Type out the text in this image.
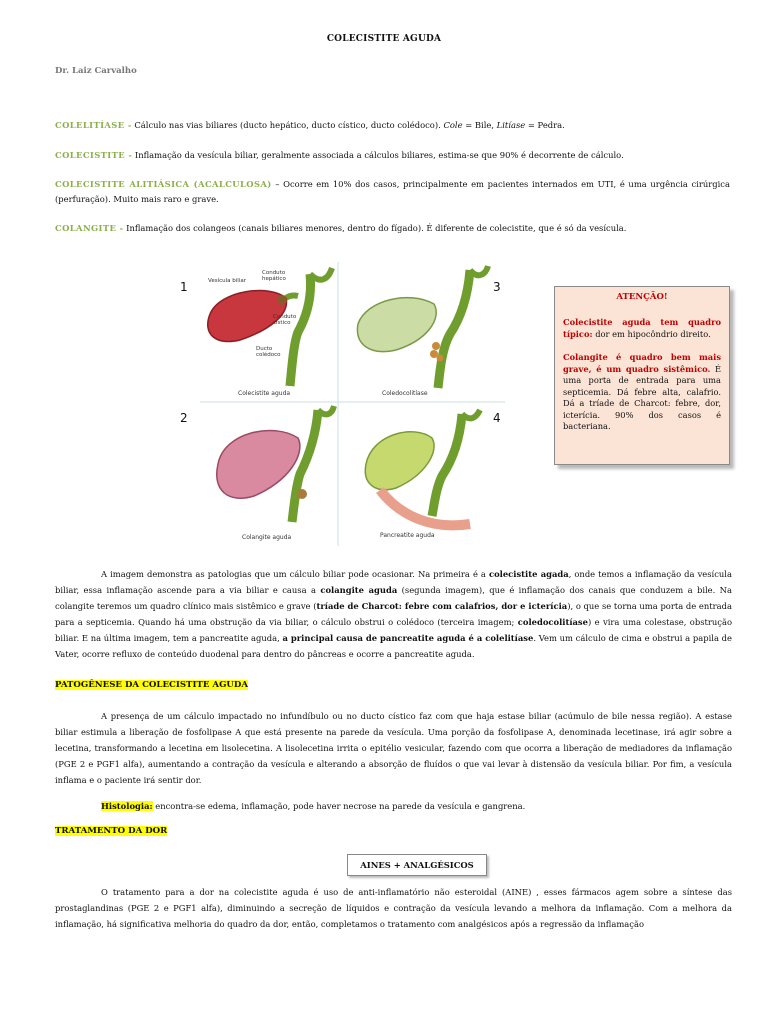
COLECISTITE AGUDA
Dr. Laiz Carvalho
COLELITÍASE - Cálculo nas vias biliares (ducto hepático, ducto cístico, ducto colédoco). Cole = Bile, Litíase = Pedra.
COLECISTITE - Inflamação da vesícula biliar, geralmente associada a cálculos biliares, estima-se que 90% é decorrente de cálculo.
COLECISTITE ALITIÁSICA (ACALCULOSA) – Ocorre em 10% dos casos, principalmente em pacientes internados em UTI, é uma urgência cirúrgica (perfuração). Muito mais raro e grave.
COLANGITE - Inflamação dos colangeos (canais biliares menores, dentro do fígado). É diferente de colecistite, que é só da vesícula.
1	3
2	4
Vesícula biliar
Conduto hepático
Conduto cístico
Ducto colédoco
Colecistite aguda	Coledocolitíase
Colangite aguda	Pancreatite aguda
ATENÇÃO!

Colecistite aguda tem quadro típico: dor em hipocôndrio direito.

Colangite é quadro bem mais grave, é um quadro sistêmico. É uma porta de entrada para uma septicemia. Dá febre alta, calafrio. Dá a tríade de Charcot: febre, dor, icterícia. 90% dos casos é bacteriana.

A imagem demonstra as patologias que um cálculo biliar pode ocasionar. Na primeira é a colecistite agada, onde temos a inflamação da vesícula biliar, essa inflamação ascende para a via biliar e causa a colangite aguda (segunda imagem), que é inflamação dos canais que conduzem a bile. Na colangite teremos um quadro clínico mais sistêmico e grave (tríade de Charcot: febre com calafrios, dor e icterícia), o que se torna uma porta de entrada para a septicemia. Quando há uma obstrução da via biliar, o cálculo obstrui o colédoco (terceira imagem; coledocolitíase) e vira uma colestase, obstrução biliar. E na última imagem, tem a pancreatite aguda, a principal causa de pancreatite aguda é a colelitíase. Vem um cálculo de cima e obstrui a papila de Vater, ocorre refluxo de conteúdo duodenal para dentro do pâncreas e ocorre a pancreatite aguda.
PATOGÊNESE DA COLECISTITE AGUDA
A presença de um cálculo impactado no infundíbulo ou no ducto cístico faz com que haja estase biliar (acúmulo de bile nessa região). A estase biliar estimula a liberação de fosfolipase A que está presente na parede da vesícula. Uma porção da fosfolipase A, denominada lecetinase, irá agir sobre a lecetina, transformando a lecetina em lisolecetina. A lisolecetina irrita o epitélio vesicular, fazendo com que ocorra a liberação de mediadores da inflamação (PGE 2 e PGF1 alfa), aumentando a contração da vesícula e alterando a absorção de fluídos o que vai levar à distensão da vesícula biliar. Por fim, a vesícula inflama e o paciente irá sentir dor.
Histologia: encontra-se edema, inflamação, pode haver necrose na parede da vesícula e gangrena.
TRATAMENTO DA DOR
AINES + ANALGÉSICOS
O tratamento para a dor na colecistite aguda é uso de anti-inflamatório não esteroidal (AINE) , esses fármacos agem sobre a síntese das prostaglandinas (PGE 2 e PGF1 alfa), diminuindo a secreção de líquidos e contração da vesícula levando a melhora da inflamação. Com a melhora da inflamação, há significativa melhoria do quadro da dor, então, completamos o tratamento com analgésicos após a regressão da inflamação
